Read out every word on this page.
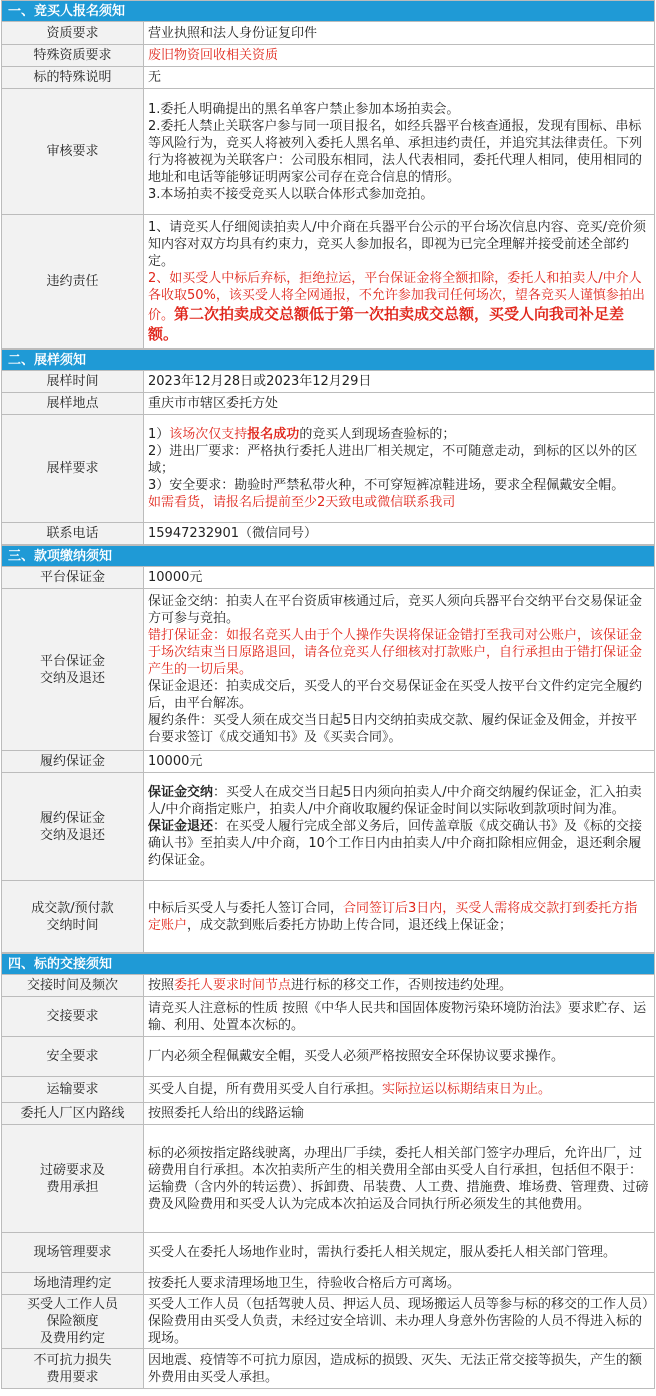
一、竞买人报名须知
资质要求	营业执照和法人身份证复印件
特殊资质要求	废旧物资回收相关资质
标的特殊说明	无
审核要求	1.委托人明确提出的黑名单客户禁止参加本场拍卖会。
2.委托人禁止关联客户参与同一项目报名，如经兵器平台核查通报，发现有围标、串标等风险行为，竞买人将被列入委托人黑名单、承担违约责任，并追究其法律责任。下列行为将被视为关联客户：公司股东相同，法人代表相同，委托代理人相同，使用相同的地址和电话等能够证明两家公司存在竞合信息的情形。
3.本场拍卖不接受竞买人以联合体形式参加竞拍。

违约责任	1、请竞买人仔细阅读拍卖人/中介商在兵器平台公示的平台场次信息内容、竞买/竞价须知内容对双方均具有约束力，竞买人参加报名，即视为已完全理解并接受前述全部约定。
2、如买受人中标后弃标，拒绝拉运，平台保证金将全额扣除，委托人和拍卖人/中介人各收取50%，该买受人将全网通报，不允许参加我司任何场次，望各竞买人谨慎参拍出价。第二次拍卖成交总额低于第一次拍卖成交总额，买受人向我司补足差额。
二、展样须知
展样时间	2023年12月28日或2023年12月29日
展样地点	重庆市市辖区委托方处
展样要求	1）该场次仅支持报名成功的竞买人到现场查验标的；
2）进出厂要求：严格执行委托人进出厂相关规定，不可随意走动，到标的区以外的区域；
3）安全要求：勘验时严禁私带火种，不可穿短裤凉鞋进场，要求全程佩戴安全帽。
如需看货，请报名后提前至少2天致电或微信联系我司

联系电话	15947232901（微信同号）
三、款项缴纳须知
平台保证金	10000元

平台保证金
交纳及退还	保证金交纳：拍卖人在平台资质审核通过后，竞买人须向兵器平台交纳平台交易保证金方可参与竞拍。
错打保证金：如报名竞买人由于个人操作失误将保证金错打至我司对公账户，该保证金于场次结束当日原路退回，请各位竞买人仔细核对打款账户，自行承担由于错打保证金产生的一切后果。
保证金退还：拍卖成交后，买受人的平台交易保证金在买受人按平台文件约定完全履约后，由平台解冻。
履约条件：买受人须在成交当日起5日内交纳拍卖成交款、履约保证金及佣金，并按平台要求签订《成交通知书》及《买卖合同》。

履约保证金	10000元

履约保证金
交纳及退还	保证金交纳：买受人在成交当日起5日内须向拍卖人/中介商交纳履约保证金，汇入拍卖人/中介商指定账户，拍卖人/中介商收取履约保证金时间以实际收到款项时间为准。
保证金退还：在买受人履行完成全部义务后，回传盖章版《成交确认书》及《标的交接确认书》至拍卖人/中介商，10个工作日内由拍卖人/中介商扣除相应佣金，退还剩余履约保证金。

成交款/预付款
交纳时间	中标后买受人与委托人签订合同，合同签订后3日内，买受人需将成交款打到委托方指定账户，成交款到账后委托方协助上传合同，退还线上保证金；
四、标的交接须知
交接时间及频次	按照委托人要求时间节点进行标的移交工作，否则按违约处理。
交接要求	请竞买人注意标的性质 按照《中华人民共和国固体废物污染环境防治法》要求贮存、运输、利用、处置本次标的。
安全要求	厂内必须全程佩戴安全帽，买受人必须严格按照安全环保协议要求操作。
运输要求	买受人自提，所有费用买受人自行承担。实际拉运以标期结束日为止。
委托人厂区内路线	按照委托人给出的线路运输

过磅要求及
费用承担	标的必须按指定路线驶离，办理出厂手续，委托人相关部门签字办理后，允许出厂，过磅费用自行承担。本次拍卖所产生的相关费用全部由买受人自行承担，包括但不限于：运输费（含内外的转运费）、拆卸费、吊装费、人工费、措施费、堆场费、管理费、过磅费及风险费用和买受人认为完成本次拍运及合同执行所必须发生的其他费用。
现场管理要求	买受人在委托人场地作业时，需执行委托人相关规定，服从委托人相关部门管理。
场地清理约定	按委托人要求清理场地卫生，待验收合格后方可离场。

买受人工作人员
保险额度
及费用约定	买受人工作人员（包括驾驶人员、押运人员、现场搬运人员等参与标的移交的工作人员）保险费用由买受人负责，未经过安全培训、未办理人身意外伤害险的人员不得进入标的现场。

不可抗力损失
费用要求	因地震、疫情等不可抗力原因，造成标的损毁、灭失、无法正常交接等损失，产生的额外费用由买受人承担。
